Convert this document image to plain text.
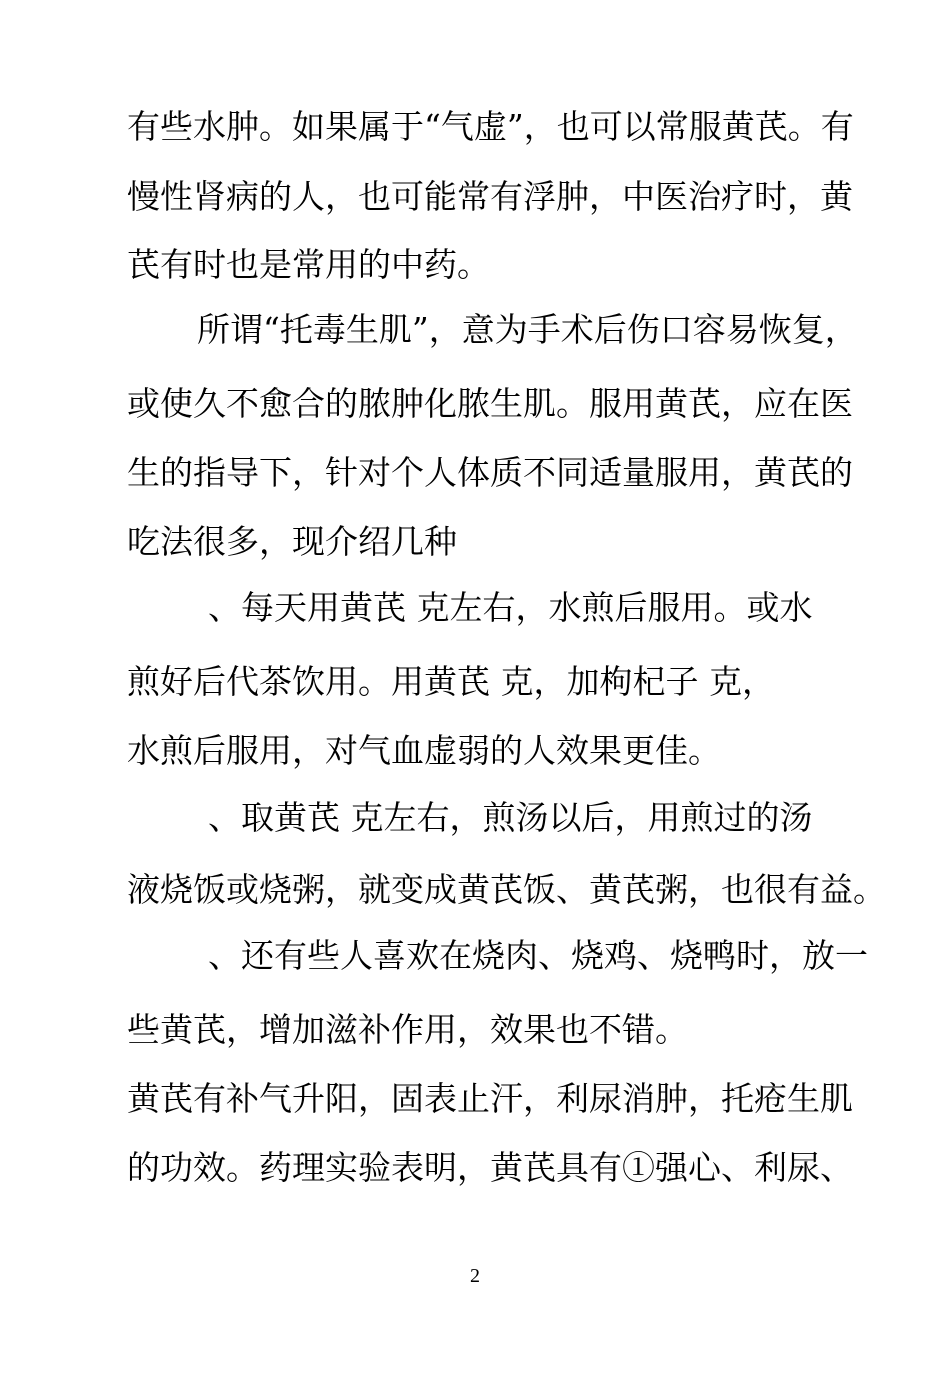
有些水肿。如果属于“气虚”，也可以常服黄芪。有
慢性肾病的人，也可能常有浮肿，中医治疗时，黄
芪有时也是常用的中药。
所谓“托毒生肌”，意为手术后伤口容易恢复，
或使久不愈合的脓肿化脓生肌。服用黄芪，应在医
生的指导下，针对个人体质不同适量服用，黄芪的
吃法很多，现介绍几种
、每天用黄芪 克左右，水煎后服用。或水
煎好后代茶饮用。用黄芪 克，加枸杞子 克，
水煎后服用，对气血虚弱的人效果更佳。
、取黄芪 克左右，煎汤以后，用煎过的汤
液烧饭或烧粥，就变成黄芪饭、黄芪粥，也很有益。
、还有些人喜欢在烧肉、烧鸡、烧鸭时，放一
些黄芪，增加滋补作用，效果也不错。
黄芪有补气升阳，固表止汗，利尿消肿，托疮生肌
的功效。药理实验表明，黄芪具有①强心、利尿、
2
